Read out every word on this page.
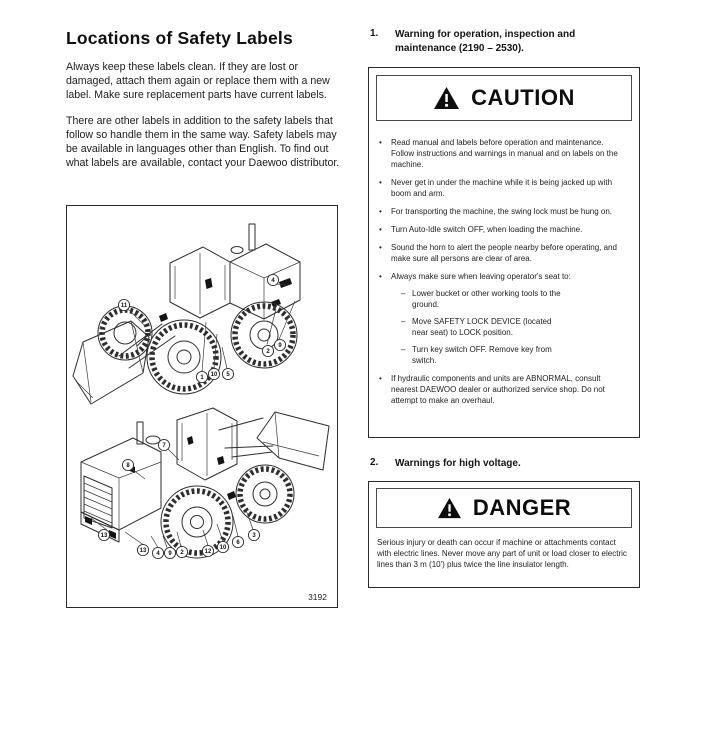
Locations of Safety Labels

Always keep these labels clean. If they are lost or damaged, attach them again or replace them with a new label. Make sure replacement parts have current labels.

There are other labels in addition to the safety labels that follow so handle them in the same way. Safety labels may be available in languages other than English. To find out what labels are available, contact your Daewoo distributor.

11
4
9
2
1 10 5
7
8
13
13 4 9 2	12
10
6
3
3192
1.	Warning for operation, inspection and maintenance (2190 – 2530).
CAUTION
•	Read manual and labels before operation and maintenance. Follow instructions and warnings in manual and on labels on the machine.
•	Never get in under the machine while it is being jacked up with boom and arm.
•	For transporting the machine, the swing lock must be hung on.
•	Turn Auto-Idle switch OFF, when loading the machine.
•	Sound the horn to alert the people nearby before operating, and make sure all persons are clear of area.
•	Always make sure when leaving operator's seat to:
– Lower bucket or other working tools to the ground.
– Move SAFETY LOCK DEVICE (located near seat) to LOCK position.
– Turn key switch OFF. Remove key from switch.
•	If hydraulic components and units are ABNORMAL, consult nearest DAEWOO dealer or authorized service shop. Do not attempt to make an overhaul.
2.	Warnings for high voltage.
DANGER
Serious injury or death can occur if machine or attachments contact with electric lines. Never move any part of unit or load closer to electric lines than 3 m (10') plus twice the line insulator length.
